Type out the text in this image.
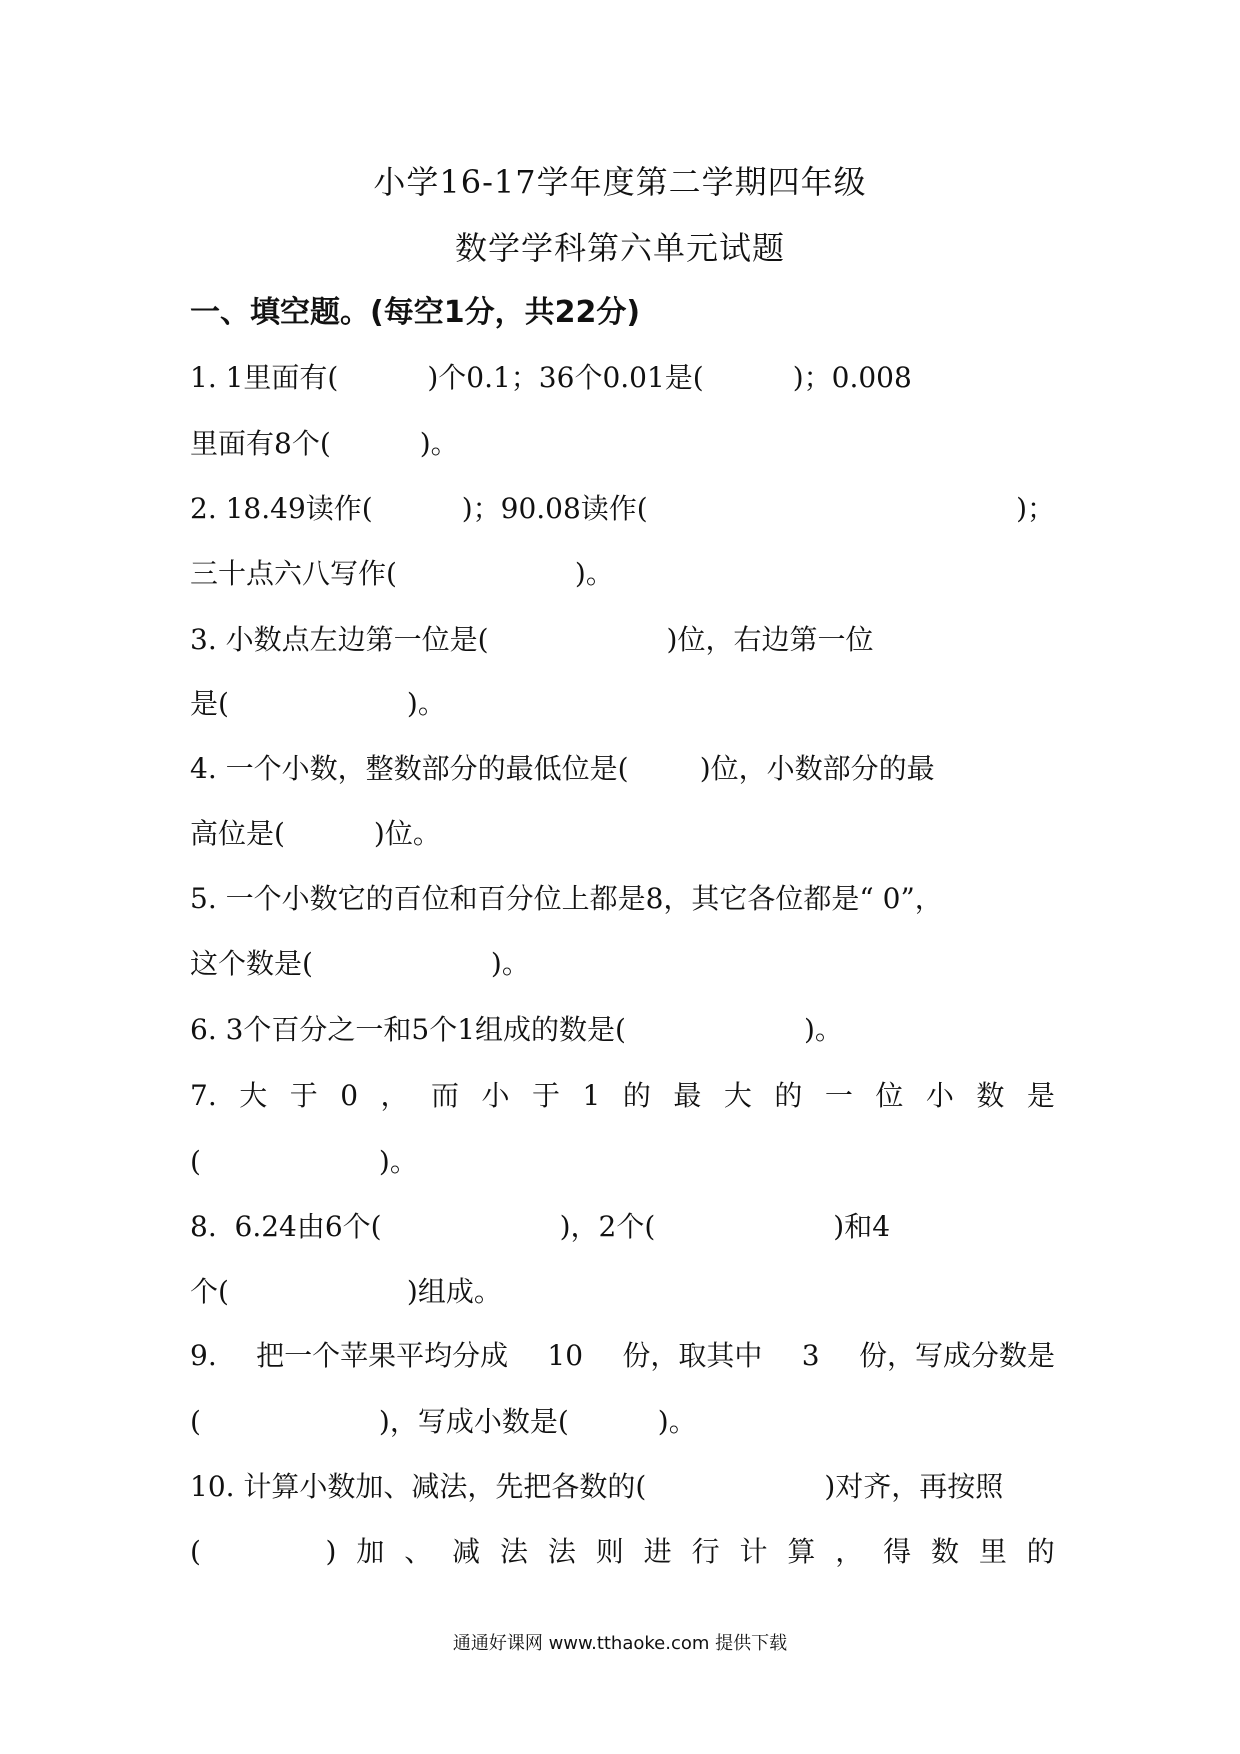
小学16-17学年度第二学期四年级
数学学科第六单元试题
一、填空题。(每空1分，共22分)
1. 1里面有(          )个0.1；36个0.01是(          )；0.008
里面有8个(          )。
2. 18.49读作(          )；90.08读作(	)；
三十点六八写作(                    )。
3. 小数点左边第一位是(                    )位，右边第一位
是(                    )。
4. 一个小数，整数部分的最低位是(        )位，小数部分的最
高位是(          )位。
5. 一个小数它的百位和百分位上都是8，其它各位都是“ 0”，
这个数是(                    )。
6. 3个百分之一和5个1组成的数是(                    )。
7. 大 于 0 ， 而 小 于 1 的 最 大 的 一 位 小 数 是
(                    )。
8.  6.24由6个(                    )，2个(                    )和4
个(                    )组成。
9. 把一个苹果平均分成 10 份，取其中 3 份，写成分数是
(                    )，写成小数是(          )。
10. 计算小数加、减法，先把各数的(                    )对齐，再按照
(              ) 加 、 减 法 法 则 进 行 计 算 ， 得 数 里 的
通通好课网 www.tthaoke.com 提供下载
